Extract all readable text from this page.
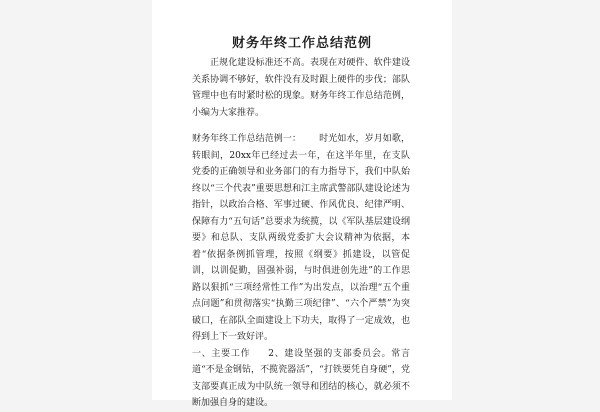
财务年终工作总结范例

正规化建设标准还不高。表现在对硬件、软件建设关系协调不够好，软件没有及时跟上硬件的步伐；部队管理中也有时紧时松的现象。财务年终工作总结范例，小编为大家推荐。

财务年终工作总结范例一： 时光如水，岁月如歌，转眼间，20xx年已经过去一年，在这半年里，在支队党委的正确领导和业务部门的有力指导下，我们中队始终以“三个代表”重要思想和江主席武警部队建设论述为指针，以政治合格、军事过硬、作风优良、纪律严明、保障有力“五句话”总要求为统揽，以《军队基层建设纲要》和总队、支队两级党委扩大会议精神为依据，本着“依据条例抓管理，按照《纲要》抓建设，以管促训，以训促勤，固强补弱，与时俱进创先进”的工作思路以狠抓“三项经常性工作”为出发点，以治理“五个重点问题”和贯彻落实“执勤三项纪律”、“六个严禁”为突破口，在部队全面建设上下功夫，取得了一定成效，也得到上下一致好评。

一、主要工作 2、建设坚强的支部委员会。常言道“不是金钢钻，不揽瓷器活”，“打铁要凭自身硬”，党支部要真正成为中队统一领导和团结的核心，就必须不断加强自身的建设。
